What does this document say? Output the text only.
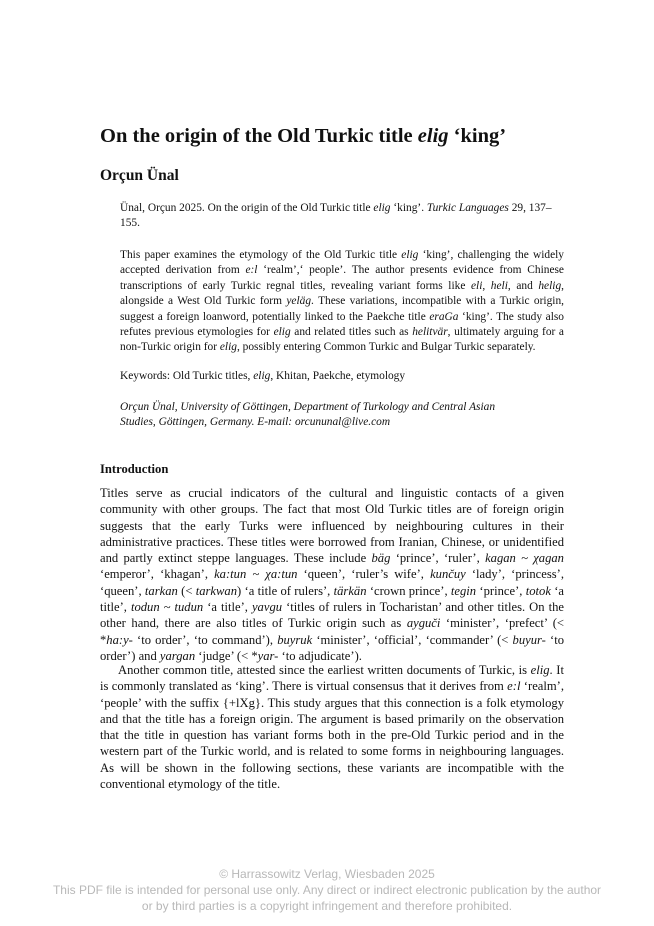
On the origin of the Old Turkic title elig ‘king’
Orçun Ünal

Ünal, Orçun 2025. On the origin of the Old Turkic title elig ‘king’. Turkic Languages 29, 137–155.

This paper examines the etymology of the Old Turkic title elig ‘king’, challenging the widely accepted derivation from e:l ‘realm’,‘ people’. The author presents evidence from Chinese transcriptions of early Turkic regnal titles, revealing variant forms like eli, heli, and helig, alongside a West Old Turkic form yeläg. These variations, incompatible with a Turkic origin, suggest a foreign loanword, potentially linked to the Paekche title eraGa ‘king’. The study also refutes previous etymologies for elig and related titles such as helitvär, ultimately arguing for a non-Turkic origin for elig, possibly entering Common Turkic and Bulgar Turkic separately.

Keywords: Old Turkic titles, elig, Khitan, Paekche, etymology

Orçun Ünal, University of Göttingen, Department of Turkology and Central Asian
Studies, Göttingen, Germany. E-mail: orcununal@live.com

Introduction

Titles serve as crucial indicators of the cultural and linguistic contacts of a given community with other groups. The fact that most Old Turkic titles are of foreign origin suggests that the early Turks were influenced by neighbouring cultures in their administrative practices. These titles were borrowed from Iranian, Chinese, or unidentified and partly extinct steppe languages. These include bäg ‘prince’, ‘ruler’, kagan ~ χagan ‘emperor’, ‘khagan’, ka:tun ~ χa:tun ‘queen’, ‘ruler’s wife’, kunčuy ‘lady’, ‘princess’, ‘queen’, tarkan (< tarkwan) ‘a title of rulers’, tärkän ‘crown prince’, tegin ‘prince’, totok ‘a title’, todun ~ tudun ‘a title’, yavgu ‘titles of rulers in Tocharistan’ and other titles. On the other hand, there are also titles of Turkic origin such as ayguči ‘minister’, ‘prefect’ (< *ha:y- ‘to order’, ‘to command’), buyruk ‘minister’, ‘official’, ‘commander’ (< buyur- ‘to order’) and yargan ‘judge’ (< *yar- ‘to adjudicate’).

Another common title, attested since the earliest written documents of Turkic, is elig. It is commonly translated as ‘king’. There is virtual consensus that it derives from e:l ‘realm’, ‘people’ with the suffix {+lXg}. This study argues that this connection is a folk etymology and that the title has a foreign origin. The argument is based primarily on the observation that the title in question has variant forms both in the pre-Old Turkic period and in the western part of the Turkic world, and is related to some forms in neighbouring languages. As will be shown in the following sections, these variants are incompatible with the conventional etymology of the title.

© Harrassowitz Verlag, Wiesbaden 2025
This PDF file is intended for personal use only. Any direct or indirect electronic publication by the author
or by third parties is a copyright infringement and therefore prohibited.
